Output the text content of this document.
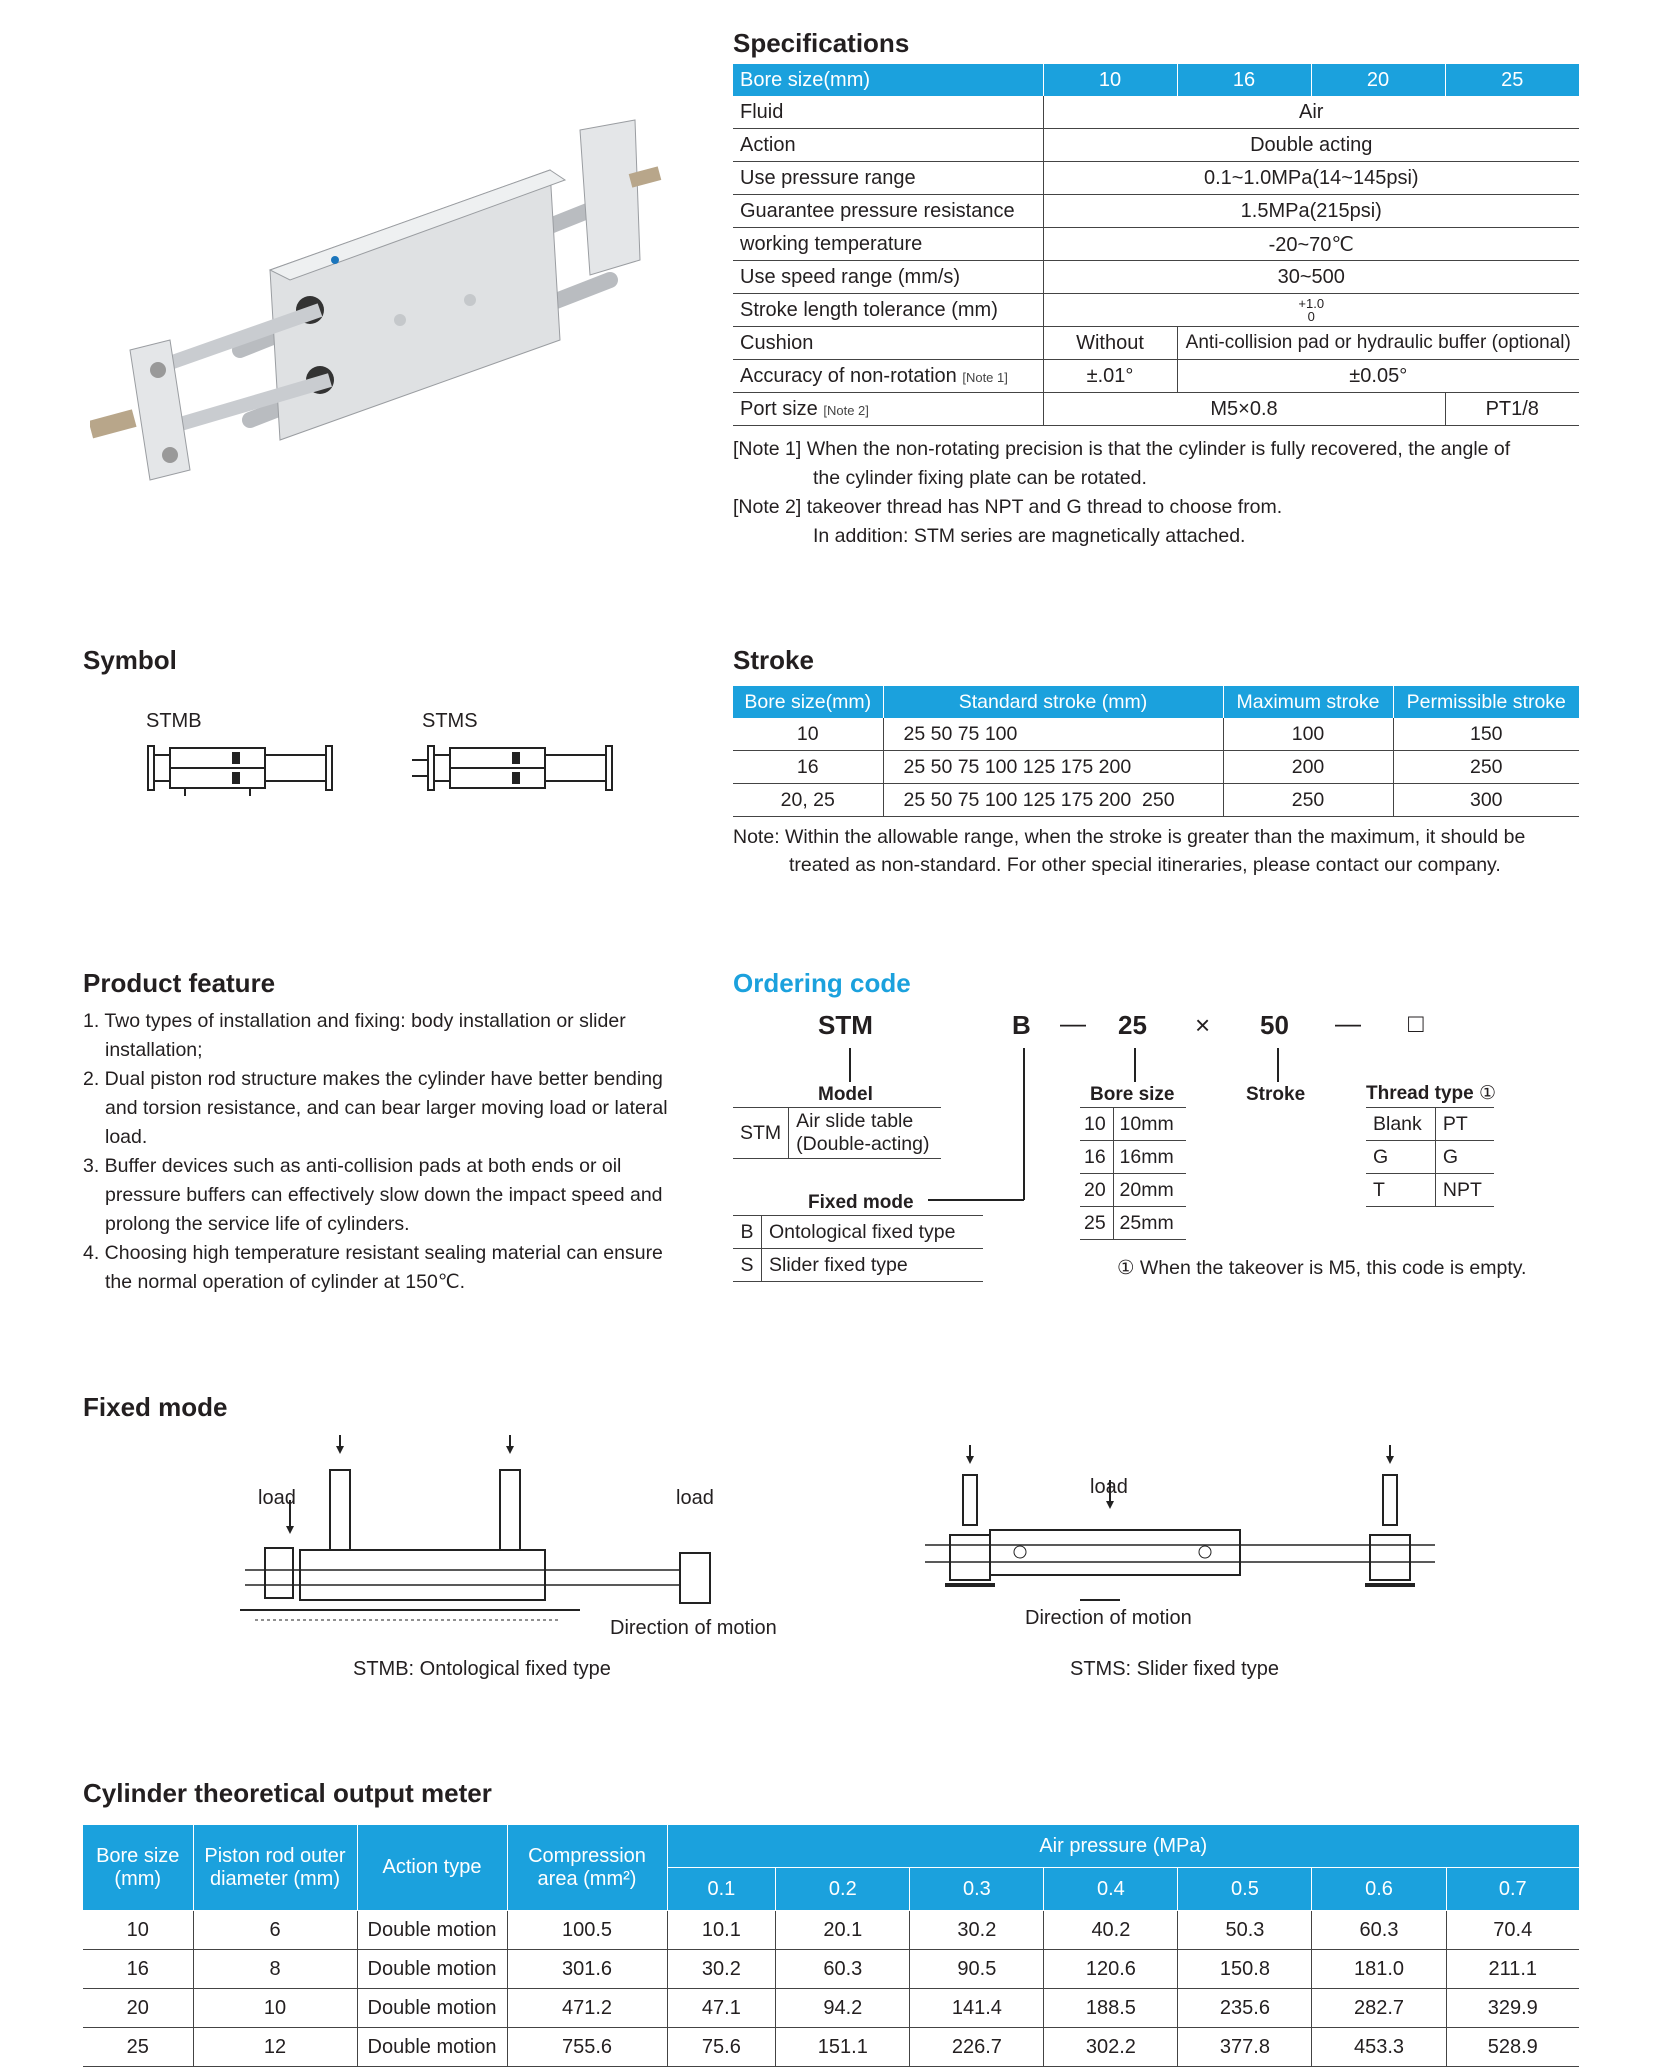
Specifications
Bore size(mm)	10	16	20	25
Fluid	Air			
Action	Double acting			
Use pressure range	0.1~1.0MPa(14~145psi)			
Guarantee pressure resistance	1.5MPa(215psi)			
working temperature	-20~70℃			
Use speed range (mm/s)	30~500			
Stroke length tolerance (mm)	+1.0
0			
Cushion	Without	Anti-collision pad or hydraulic buffer (optional)		
Accuracy of non-rotation [Note 1]	±.01°	±0.05°		
Port size [Note 2]	M5×0.8			PT1/8
[Note 1] When the non-rotating precision is that the cylinder is fully recovered, the angle of
the cylinder fixing plate can be rotated.
[Note 2] takeover thread has NPT and G thread to choose from.
In addition: STM series are magnetically attached.
Symbol
STMB	STMS
Stroke
Bore size(mm)	Standard stroke (mm)	Maximum stroke	Permissible stroke
10	25 50 75 100	100	150
16	25 50 75 100 125 175 200	200	250
20, 25	25 50 75 100 125 175 200  250	250	300
Note: Within the allowable range, when the stroke is greater than the maximum, it should be
treated as non-standard. For other special itineraries, please contact our company.
Product feature
1. Two types of installation and fixing: body installation or slider installation;
2. Dual piston rod structure makes the cylinder have better bending and torsion resistance, and can bear larger moving load or lateral load.
3. Buffer devices such as anti-collision pads at both ends or oil pressure buffers can effectively slow down the impact speed and prolong the service life of cylinders.
4. Choosing high temperature resistant sealing material can ensure the normal operation of cylinder at 150℃.
Ordering code
STM	B — 25 × 50 — □
Model
STM	Air slide table
(Double-acting)
Fixed mode
B	Ontological fixed type
S	Slider fixed type
Bore size
10	10mm
16	16mm
20	20mm
25	25mm
Stroke	Thread type ①
Blank	PT
G	G
T	NPT
① When the takeover is M5, this code is empty.
Fixed mode
load	load
Direction of motion
STMB: Ontological fixed type
load
Direction of motion
STMS: Slider fixed type
Cylinder theoretical output meter
Bore size (mm)	Piston rod outer diameter (mm)	Action type	Compression area (mm²)	Air pressure (MPa)						
				0.1	0.2	0.3	0.4	0.5	0.6	0.7
10	6	Double motion	100.5	10.1	20.1	30.2	40.2	50.3	60.3	70.4
16	8	Double motion	301.6	30.2	60.3	90.5	120.6	150.8	181.0	211.1
20	10	Double motion	471.2	47.1	94.2	141.4	188.5	235.6	282.7	329.9
25	12	Double motion	755.6	75.6	151.1	226.7	302.2	377.8	453.3	528.9
